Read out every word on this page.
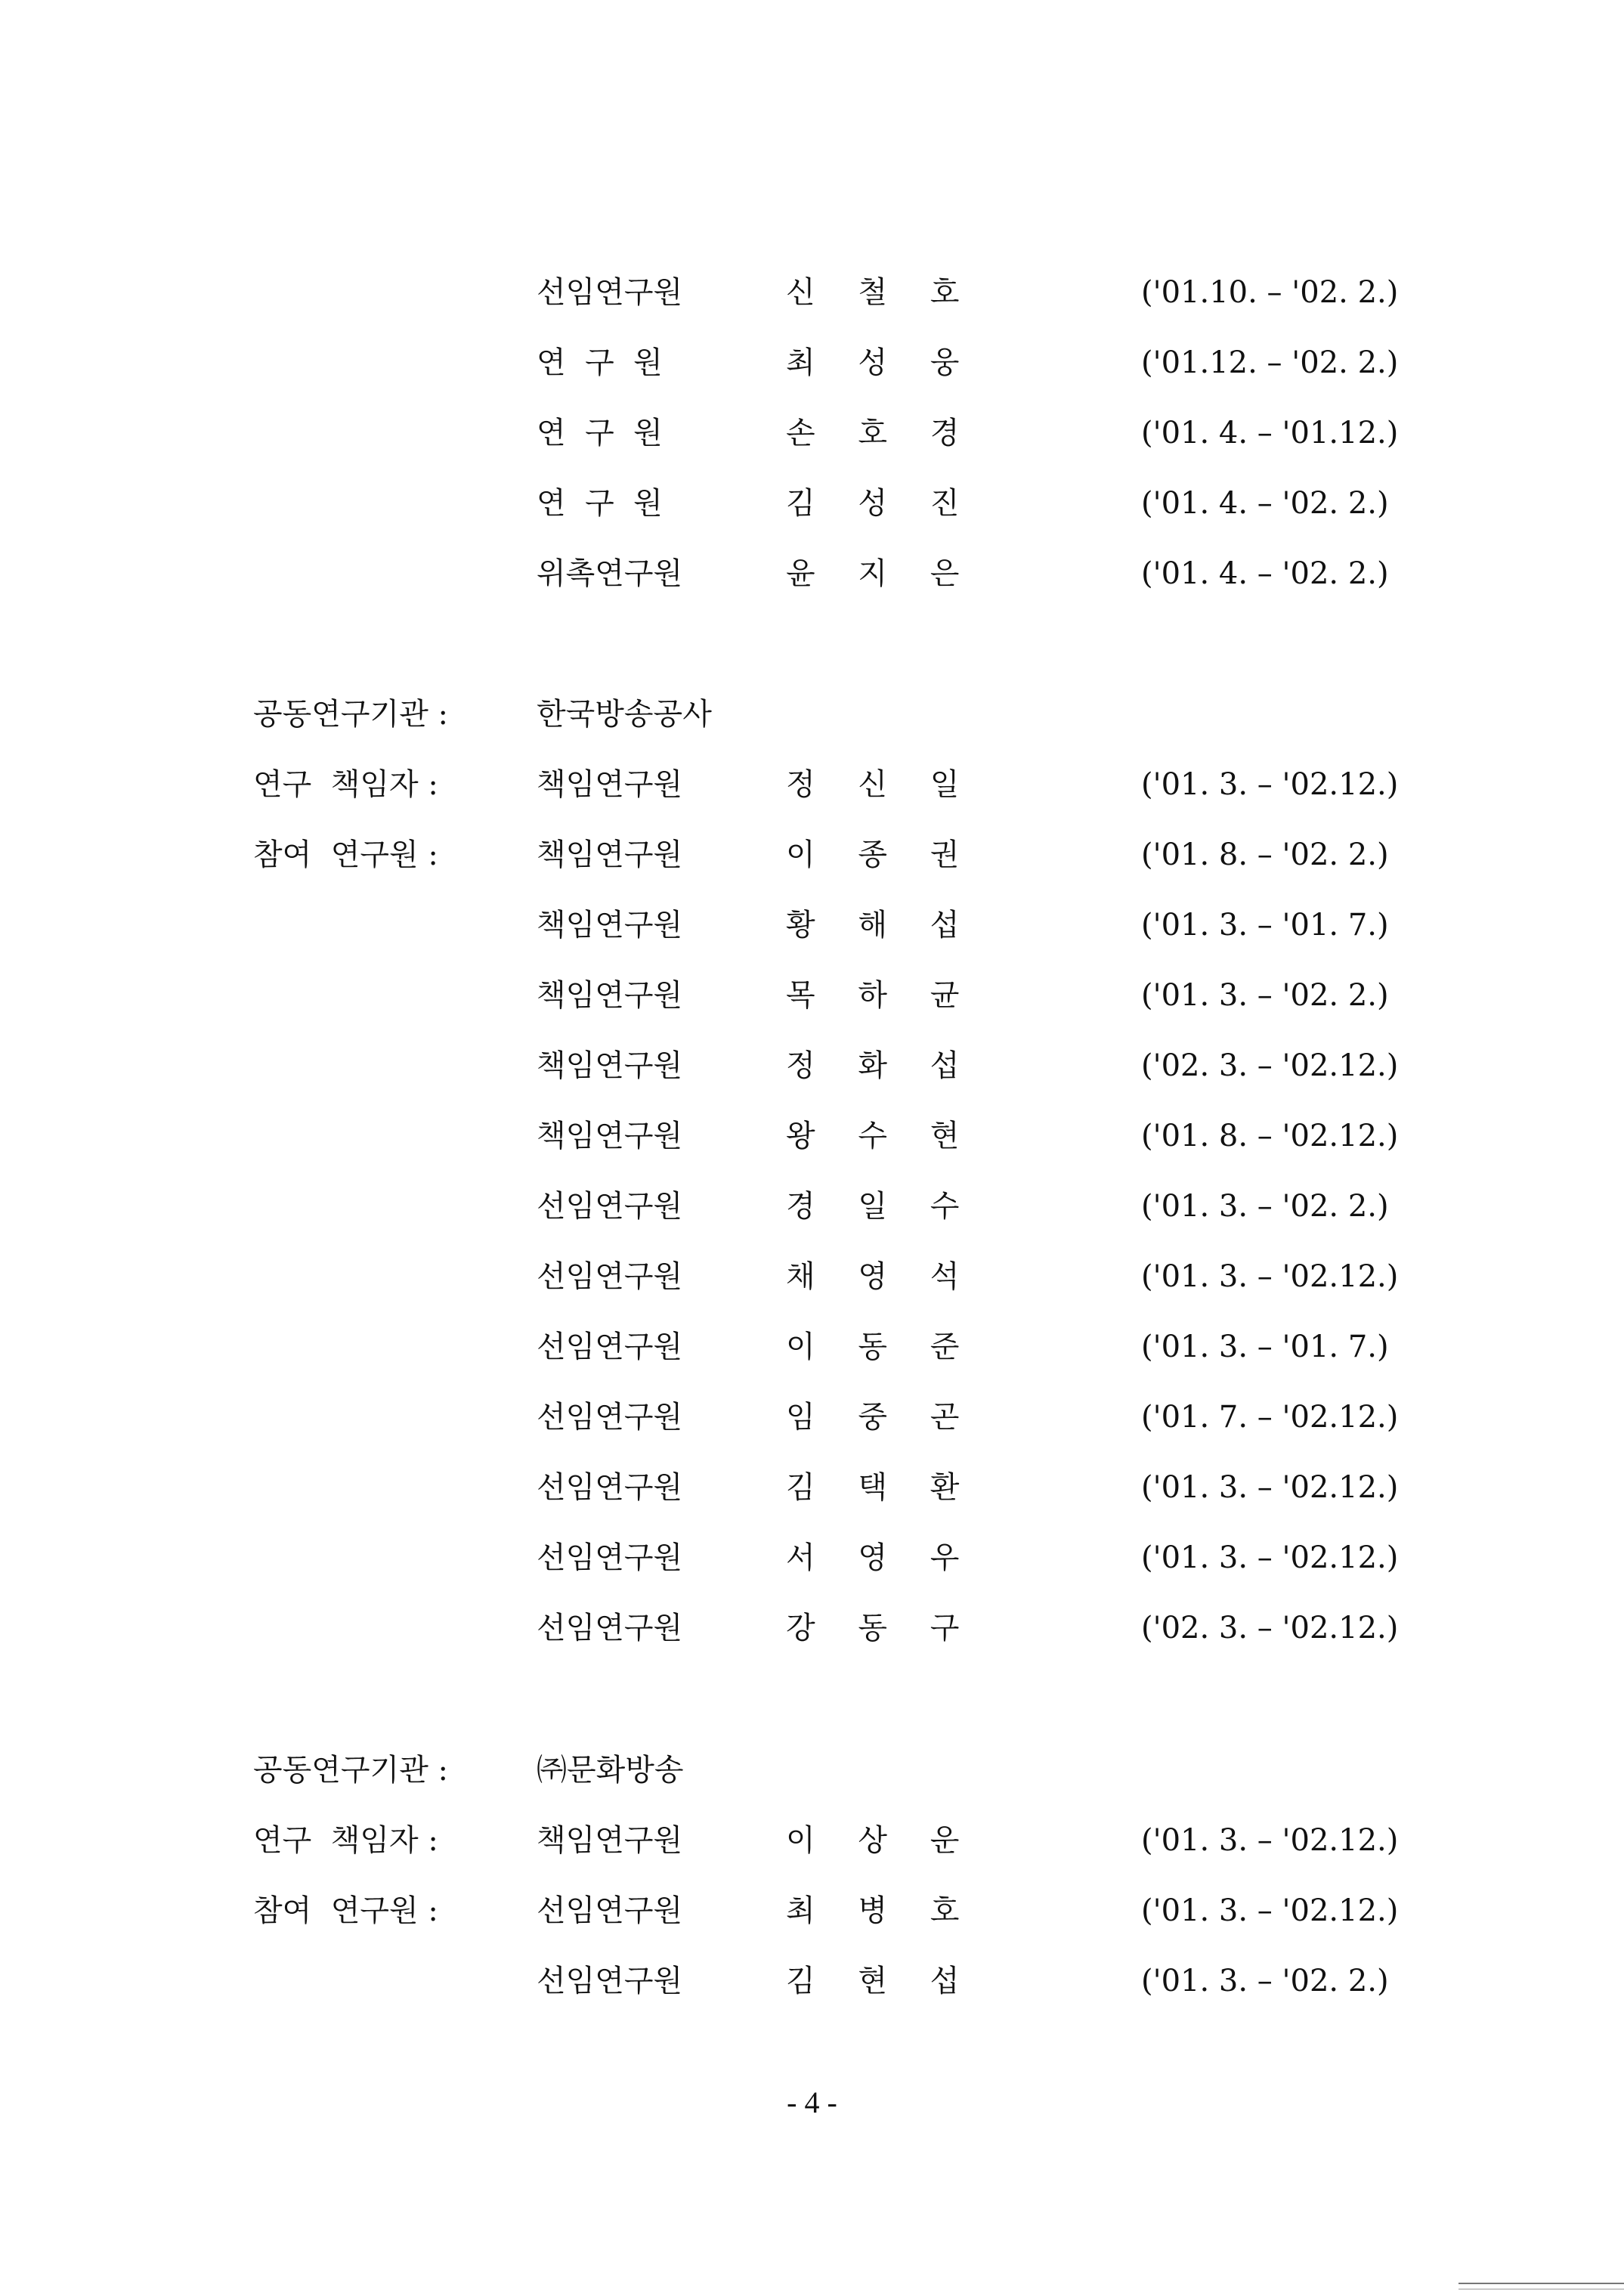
선임연구원	신 철 호	('01.10. – '02. 2.)
연  구  원	최 성 웅	('01.12. – '02. 2.)
연  구  원	손 호 경	('01. 4. – '01.12.)
연  구  원	김 성 진	('01. 4. – '02. 2.)
위촉연구원	윤 지 은	('01. 4. – '02. 2.)
공동연구기관 :	한국방송공사
연구  책임자 :	책임연구원	정 신 일	('01. 3. – '02.12.)
참여  연구원 :	책임연구원	이 종 권	('01. 8. – '02. 2.)
책임연구원	황 해 섭	('01. 3. – '01. 7.)
책임연구원	목 하 균	('01. 3. – '02. 2.)
책임연구원	정 화 섭	('02. 3. – '02.12.)
책임연구원	왕 수 현	('01. 8. – '02.12.)
선임연구원	경 일 수	('01. 3. – '02. 2.)
선임연구원	채 영 석	('01. 3. – '02.12.)
선임연구원	이 동 준	('01. 3. – '01. 7.)
선임연구원	임 중 곤	('01. 7. – '02.12.)
선임연구원	김 택 환	('01. 3. – '02.12.)
선임연구원	서 영 우	('01. 3. – '02.12.)
선임연구원	강 동 구	('02. 3. – '02.12.)
공동연구기관 :	㈜문화방송
연구  책임자 :	책임연구원	이 상 운	('01. 3. – '02.12.)
참여  연구원 :	선임연구원	최 병 호	('01. 3. – '02.12.)
선임연구원	김 현 섭	('01. 3. – '02. 2.)
- 4 -
